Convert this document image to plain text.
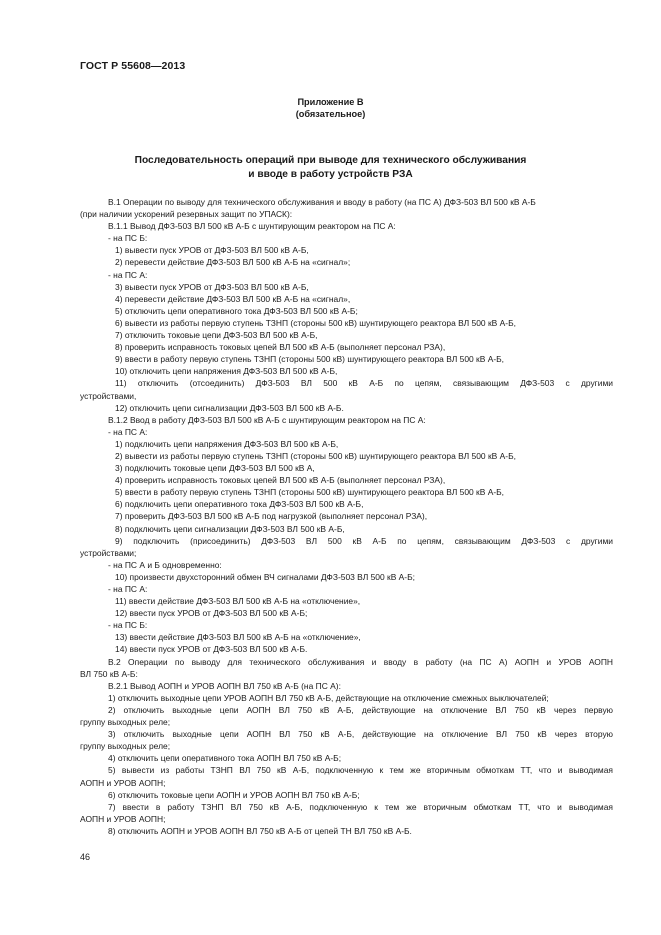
ГОСТ Р 55608—2013
Приложение В
(обязательное)
Последовательность операций при выводе для технического обслуживания
и вводе в работу устройств РЗА
В.1 Операции по выводу для технического обслуживания и вводу в работу (на ПС А) ДФЗ-503 ВЛ 500 кВ А-Б
(при наличии ускорений резервных защит по УПАСК):
В.1.1 Вывод ДФЗ-503 ВЛ 500 кВ А-Б с шунтирующим реактором на ПС А:
- на ПС Б:
1) вывести пуск УРОВ от ДФЗ-503 ВЛ 500 кВ А-Б,
2) перевести действие ДФЗ-503 ВЛ 500 кВ А-Б на «сигнал»;
- на ПС А:
3) вывести пуск УРОВ от ДФЗ-503 ВЛ 500 кВ А-Б,
4) перевести действие ДФЗ-503 ВЛ 500 кВ А-Б на «сигнал»,
5) отключить цепи оперативного тока ДФЗ-503 ВЛ 500 кВ А-Б;
6) вывести из работы первую ступень ТЗНП (стороны 500 кВ) шунтирующего реактора ВЛ 500 кВ А-Б,
7) отключить токовые цепи ДФЗ-503 ВЛ 500 кВ А-Б,
8) проверить исправность токовых цепей ВЛ 500 кВ А-Б (выполняет персонал РЗА),
9) ввести в работу первую ступень ТЗНП (стороны 500 кВ) шунтирующего реактора ВЛ 500 кВ А-Б,
10) отключить цепи напряжения ДФЗ-503 ВЛ 500 кВ А-Б,
11) отключить (отсоединить) ДФЗ-503 ВЛ 500 кВ А-Б по цепям, связывающим ДФЗ-503 с другими
устройствами,
12) отключить цепи сигнализации ДФЗ-503 ВЛ 500 кВ А-Б.
В.1.2 Ввод в работу ДФЗ-503 ВЛ 500 кВ А-Б с шунтирующим реактором на ПС А:
- на ПС А:
1) подключить цепи напряжения ДФЗ-503 ВЛ 500 кВ А-Б,
2) вывести из работы первую ступень ТЗНП (стороны 500 кВ) шунтирующего реактора ВЛ 500 кВ А-Б,
3) подключить токовые цепи ДФЗ-503 ВЛ 500 кВ А,
4) проверить исправность токовых цепей ВЛ 500 кВ А-Б (выполняет персонал РЗА),
5) ввести в работу первую ступень ТЗНП (стороны 500 кВ) шунтирующего реактора ВЛ 500 кВ А-Б,
6) подключить цепи оперативного тока ДФЗ-503 ВЛ 500 кВ А-Б,
7) проверить ДФЗ-503 ВЛ 500 кВ А-Б под нагрузкой (выполняет персонал РЗА),
8) подключить цепи сигнализации ДФЗ-503 ВЛ 500 кВ А-Б,
9) подключить (присоединить) ДФЗ-503 ВЛ 500 кВ А-Б по цепям, связывающим ДФЗ-503 с другими
устройствами;
- на ПС А и Б одновременно:
10) произвести двухсторонний обмен ВЧ сигналами ДФЗ-503 ВЛ 500 кВ А-Б;
- на ПС А:
11) ввести действие ДФЗ-503 ВЛ 500 кВ А-Б на «отключение»,
12) ввести пуск УРОВ от ДФЗ-503 ВЛ 500 кВ А-Б;
- на ПС Б:
13) ввести действие ДФЗ-503 ВЛ 500 кВ А-Б на «отключение»,
14) ввести пуск УРОВ от ДФЗ-503 ВЛ 500 кВ А-Б.
В.2 Операции по выводу для технического обслуживания и вводу в работу (на ПС А) АОПН и УРОВ АОПН
ВЛ 750 кВ А-Б:
В.2.1 Вывод АОПН и УРОВ АОПН ВЛ 750 кВ А-Б (на ПС А):
1) отключить выходные цепи УРОВ АОПН ВЛ 750 кВ А-Б, действующие на отключение смежных выключателей;
2) отключить выходные цепи АОПН ВЛ 750 кВ А-Б, действующие на отключение ВЛ 750 кВ через первую
группу выходных реле;
3) отключить выходные цепи АОПН ВЛ 750 кВ А-Б, действующие на отключение ВЛ 750 кВ через вторую
группу выходных реле;
4) отключить цепи оперативного тока АОПН ВЛ 750 кВ А-Б;
5) вывести из работы ТЗНП ВЛ 750 кВ А-Б, подключенную к тем же вторичным обмоткам ТТ, что и выводимая
АОПН и УРОВ АОПН;
6) отключить токовые цепи АОПН и УРОВ АОПН ВЛ 750 кВ А-Б;
7) ввести в работу ТЗНП ВЛ 750 кВ А-Б, подключенную к тем же вторичным обмоткам ТТ, что и выводимая
АОПН и УРОВ АОПН;
8) отключить АОПН и УРОВ АОПН ВЛ 750 кВ А-Б от цепей ТН ВЛ 750 кВ А-Б.
46
